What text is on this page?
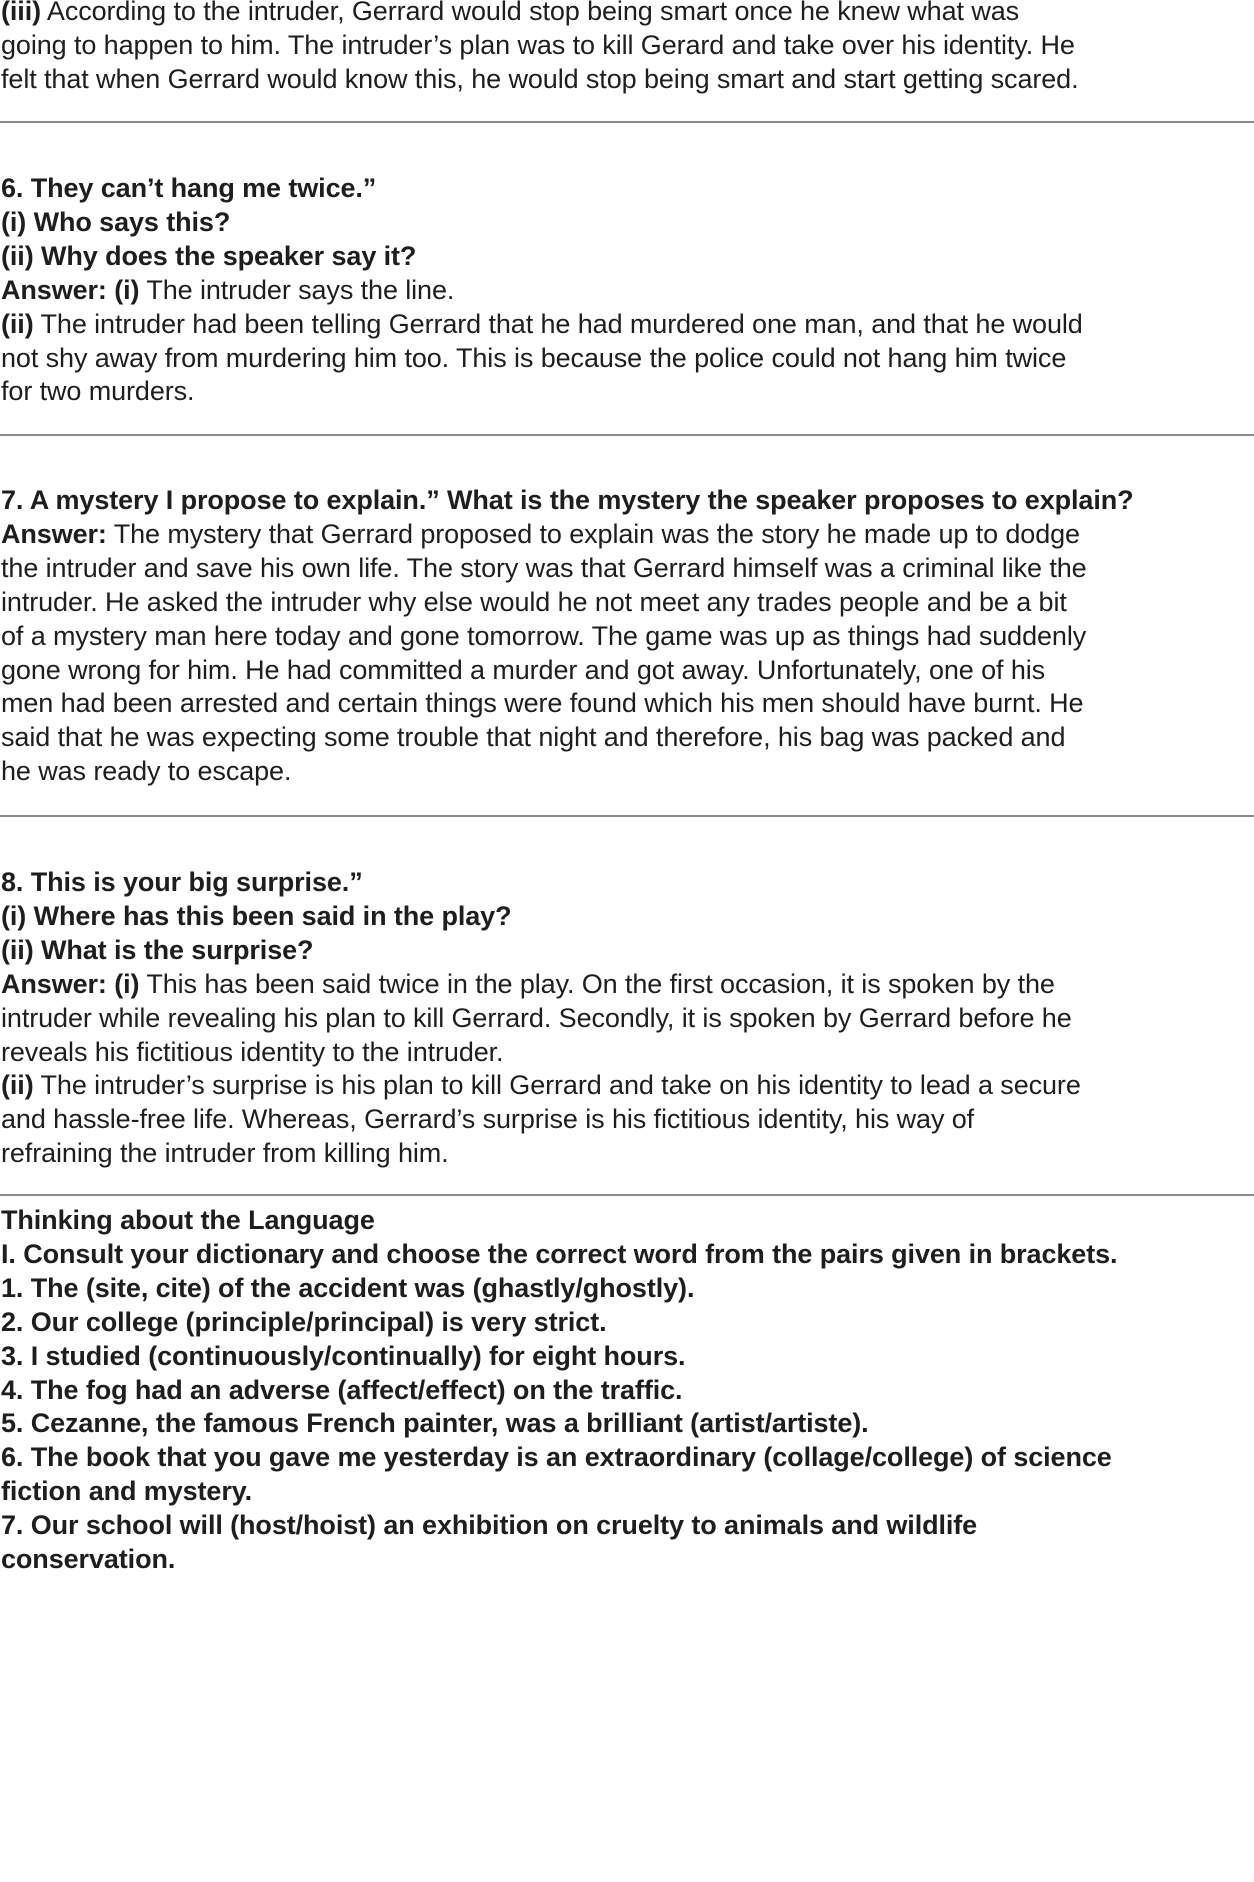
(iii) According to the intruder, Gerrard would stop being smart once he knew what was
going to happen to him. The intruder’s plan was to kill Gerard and take over his identity. He
felt that when Gerrard would know this, he would stop being smart and start getting scared.
6. They can’t hang me twice.”
(i) Who says this?
(ii) Why does the speaker say it?
Answer: (i) The intruder says the line.
(ii) The intruder had been telling Gerrard that he had murdered one man, and that he would
not shy away from murdering him too. This is because the police could not hang him twice
for two murders.
7. A mystery I propose to explain.” What is the mystery the speaker proposes to explain?
Answer: The mystery that Gerrard proposed to explain was the story he made up to dodge
the intruder and save his own life. The story was that Gerrard himself was a criminal like the
intruder. He asked the intruder why else would he not meet any trades people and be a bit
of a mystery man here today and gone tomorrow. The game was up as things had suddenly
gone wrong for him. He had committed a murder and got away. Unfortunately, one of his
men had been arrested and certain things were found which his men should have burnt. He
said that he was expecting some trouble that night and therefore, his bag was packed and
he was ready to escape.
8. This is your big surprise.”
(i) Where has this been said in the play?
(ii) What is the surprise?
Answer: (i) This has been said twice in the play. On the first occasion, it is spoken by the
intruder while revealing his plan to kill Gerrard. Secondly, it is spoken by Gerrard before he
reveals his fictitious identity to the intruder.
(ii) The intruder’s surprise is his plan to kill Gerrard and take on his identity to lead a secure
and hassle-free life. Whereas, Gerrard’s surprise is his fictitious identity, his way of
refraining the intruder from killing him.
Thinking about the Language
I. Consult your dictionary and choose the correct word from the pairs given in brackets.
1. The (site, cite) of the accident was (ghastly/ghostly).
2. Our college (principle/principal) is very strict.
3. I studied (continuously/continually) for eight hours.
4. The fog had an adverse (affect/effect) on the traffic.
5. Cezanne, the famous French painter, was a brilliant (artist/artiste).
6. The book that you gave me yesterday is an extraordinary (collage/college) of science
fiction and mystery.
7. Our school will (host/hoist) an exhibition on cruelty to animals and wildlife
conservation.
